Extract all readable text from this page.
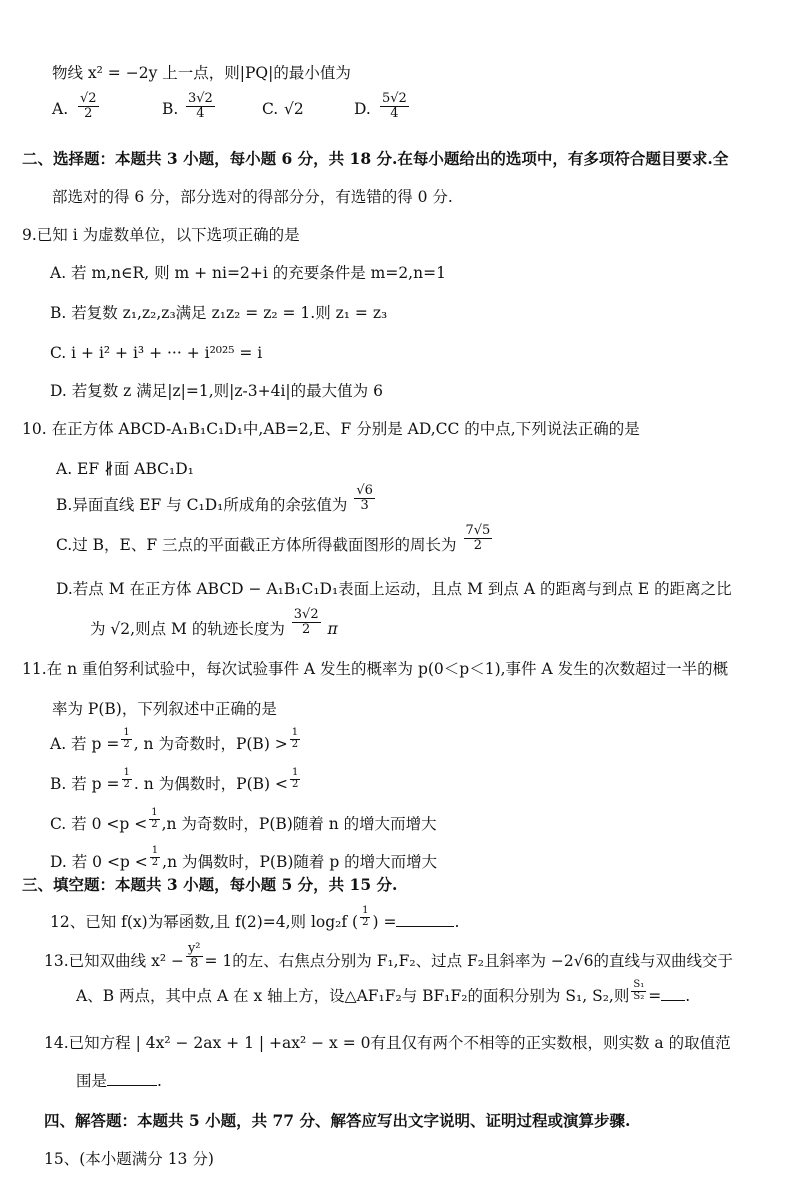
物线 x² = −2y 上一点，则|PQ|的最小值为
A. $\frac{√2}{2}$	B. $\frac{3√2}{4}$	C. √2	D. $\frac{5√2}{4}$
二、选择题：本题共 3 小题，每小题 6 分，共 18 分.在每小题给出的选项中，有多项符合题目要求.全
部选对的得 6 分，部分选对的得部分分，有选错的得 0 分.
9.已知 i 为虚数单位，以下选项正确的是
A. 若 m,n∈R, 则 m + ni=2+i 的充要条件是 m=2,n=1
B. 若复数 z₁,z₂,z₃满足 z₁z₂ = z₂ = 1.则 z₁ = z₃
C. i + i² + i³ + ··· + i²⁰²⁵ = i
D. 若复数 z 满足|z|=1,则|z-3+4i|的最大值为 6
10. 在正方体 ABCD-A₁B₁C₁D₁中,AB=2,E、F 分别是 AD,CC 的中点,下列说法正确的是
A. EF ∦面 ABC₁D₁
B.异面直线 EF 与 C₁D₁所成角的余弦值为 $\frac{√6}{3}$
C.过 B，E、F 三点的平面截正方体所得截面图形的周长为 $\frac{7√5}{2}$
D.若点 M 在正方体 ABCD − A₁B₁C₁D₁表面上运动，且点 M 到点 A 的距离与到点 E 的距离之比
为 √2,则点 M 的轨迹长度为 $\frac{3√2}{2}$ π
11.在 n 重伯努利试验中，每次试验事件 A 发生的概率为 p(0＜p＜1),事件 A 发生的次数超过一半的概
率为 P(B)，下列叙述中正确的是
A. 若 $p = \frac{1}{2}$ , n 为奇数时，$P(B) > \frac{1}{2}$
B. 若 $p = \frac{1}{2}$ . n 为偶数时，$P(B) < \frac{1}{2}$
C. 若 $0 <p < \frac{1}{2} ,n$ 为奇数时，P(B)随着 n 的增大而增大
D. 若 $0 <p < \frac{1}{2} ,n$ 为偶数时，P(B)随着 p 的增大而增大
三、填空题：本题共 3 小题，每小题 5 分，共 15 分.
12、已知 f(x)为幂函数,且 f(2)=4,则 log₂f ( $\frac{1}{2}$ ) =	.
13.已知双曲线 $x^2 - \frac{\text{y²}}{8} = 1$的左、右焦点分别为 F₁,F₂、过点 F₂且斜率为 −2√6的直线与双曲线交于
A、B 两点，其中点 A 在 x 轴上方，设△AF₁F₂与 BF₁F₂的面积分别为 S₁, S₂,则 $\frac{\text{S₁}}{\text{S₂}}$ = .
14.已知方程 | 4x² − 2ax + 1 | +ax² − x = 0有且仅有两个不相等的正实数根，则实数 a 的取值范
围是	.
四、解答题：本题共 5 小题，共 77 分、解答应写出文字说明、证明过程或演算步骤.
15、(本小题满分 13 分)
